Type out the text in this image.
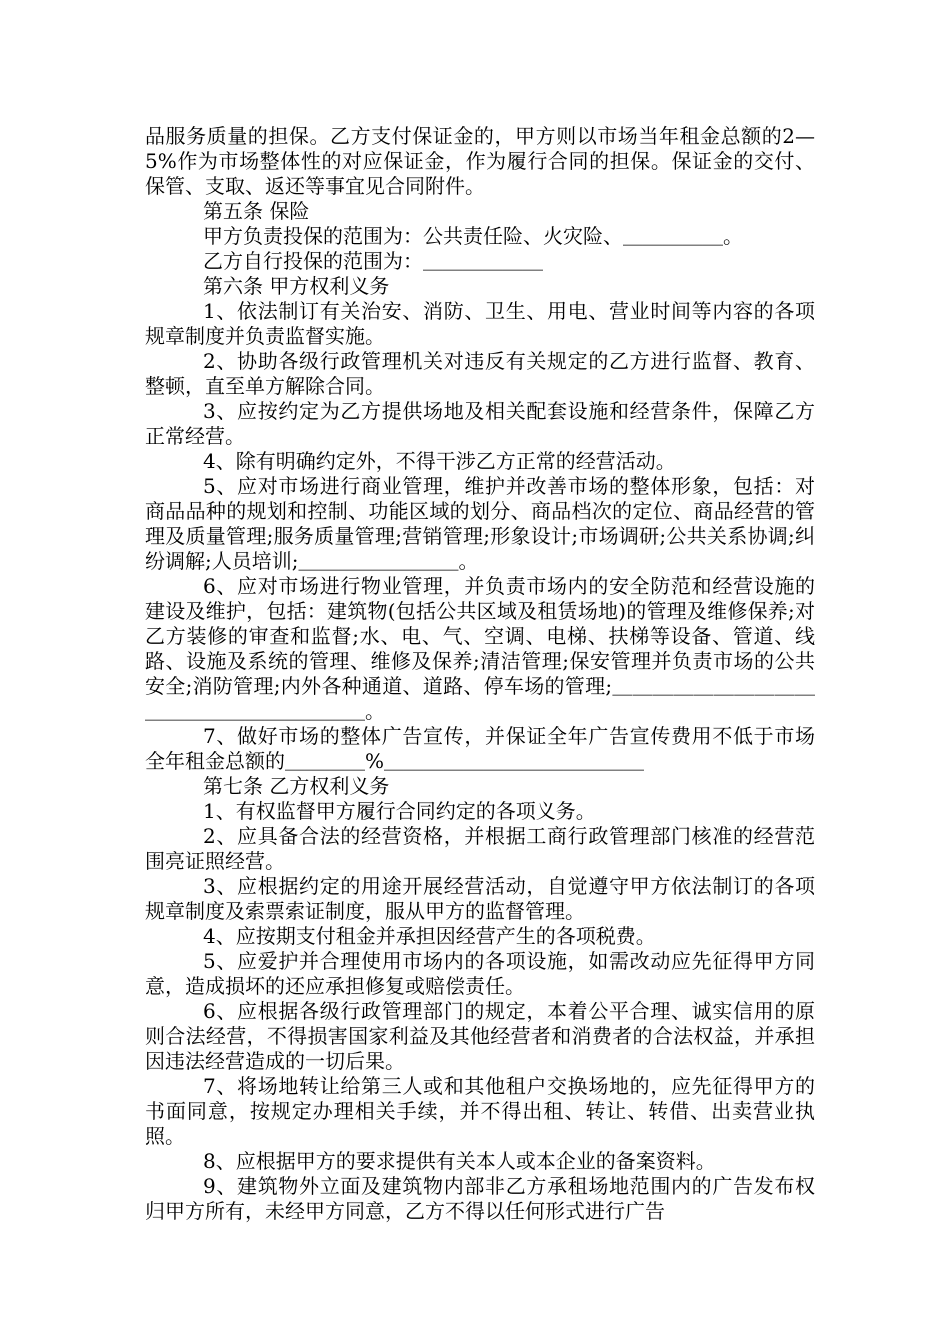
品服务质量的担保。乙方支付保证金的，甲方则以市场当年租金总额的2—5%作为市场整体性的对应保证金，作为履行合同的担保。保证金的交付、保管、支取、返还等事宜见合同附件。

第五条 保险

甲方负责投保的范围为：公共责任险、火灾险、＿＿＿＿＿。

乙方自行投保的范围为：＿＿＿＿＿＿

第六条 甲方权利义务

1、依法制订有关治安、消防、卫生、用电、营业时间等内容的各项规章制度并负责监督实施。

2、协助各级行政管理机关对违反有关规定的乙方进行监督、教育、整顿，直至单方解除合同。

3、应按约定为乙方提供场地及相关配套设施和经营条件，保障乙方正常经营。

4、除有明确约定外，不得干涉乙方正常的经营活动。

5、应对市场进行商业管理，维护并改善市场的整体形象，包括：对商品品种的规划和控制、功能区域的划分、商品档次的定位、商品经营的管理及质量管理;服务质量管理;营销管理;形象设计;市场调研;公共关系协调;纠纷调解;人员培训;＿＿＿＿＿＿＿＿。

6、应对市场进行物业管理，并负责市场内的安全防范和经营设施的建设及维护，包括：建筑物(包括公共区域及租赁场地)的管理及维修保养;对乙方装修的审查和监督;水、电、气、空调、电梯、扶梯等设备、管道、线路、设施及系统的管理、维修及保养;清洁管理;保安管理并负责市场的公共安全;消防管理;内外各种通道、道路、停车场的管理;＿＿＿＿＿＿＿＿＿＿＿＿＿＿＿＿＿＿＿＿＿。

7、做好市场的整体广告宣传，并保证全年广告宣传费用不低于市场全年租金总额的＿＿＿＿%＿＿＿＿＿＿＿＿＿＿＿＿＿

第七条 乙方权利义务

1、有权监督甲方履行合同约定的各项义务。

2、应具备合法的经营资格，并根据工商行政管理部门核准的经营范围亮证照经营。

3、应根据约定的用途开展经营活动，自觉遵守甲方依法制订的各项规章制度及索票索证制度，服从甲方的监督管理。

4、应按期支付租金并承担因经营产生的各项税费。

5、应爱护并合理使用市场内的各项设施，如需改动应先征得甲方同意，造成损坏的还应承担修复或赔偿责任。

6、应根据各级行政管理部门的规定，本着公平合理、诚实信用的原则合法经营，不得损害国家利益及其他经营者和消费者的合法权益，并承担因违法经营造成的一切后果。

7、将场地转让给第三人或和其他租户交换场地的，应先征得甲方的书面同意，按规定办理相关手续，并不得出租、转让、转借、出卖营业执照。

8、应根据甲方的要求提供有关本人或本企业的备案资料。

9、建筑物外立面及建筑物内部非乙方承租场地范围内的广告发布权归甲方所有，未经甲方同意，乙方不得以任何形式进行广告
